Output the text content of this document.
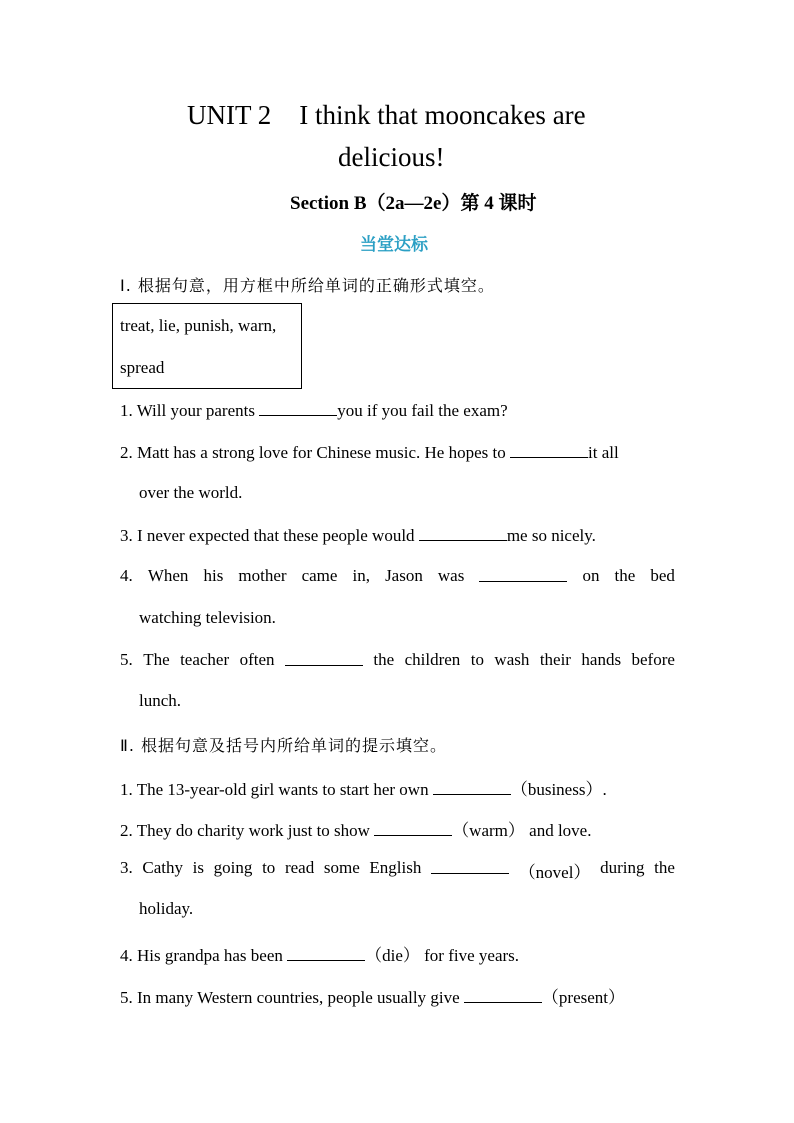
UNIT 2 I think that mooncakes are
delicious!
Section B（2a—2e）第 4 课时
当堂达标
Ⅰ. 根据句意，用方框中所给单词的正确形式填空。
treat, lie, punish, warn,
spread
1. Will your parents	you if you fail the exam?
2. Matt has a strong love for Chinese music. He hopes to	it all
over the world.
3. I never expected that these people would	me so nicely.
4. When his mother came in, Jason was	on the bed
watching television.
5. The teacher often	the children to wash their hands before
lunch.
Ⅱ. 根据句意及括号内所给单词的提示填空。
1. The 13-year-old girl wants to start her own	（business）.
2. They do charity work just to show	（warm） and love.
3. Cathy is going to read some English	（novel） during the
holiday.
4. His grandpa has been	（die） for five years.
5. In many Western countries, people usually give	（present）
